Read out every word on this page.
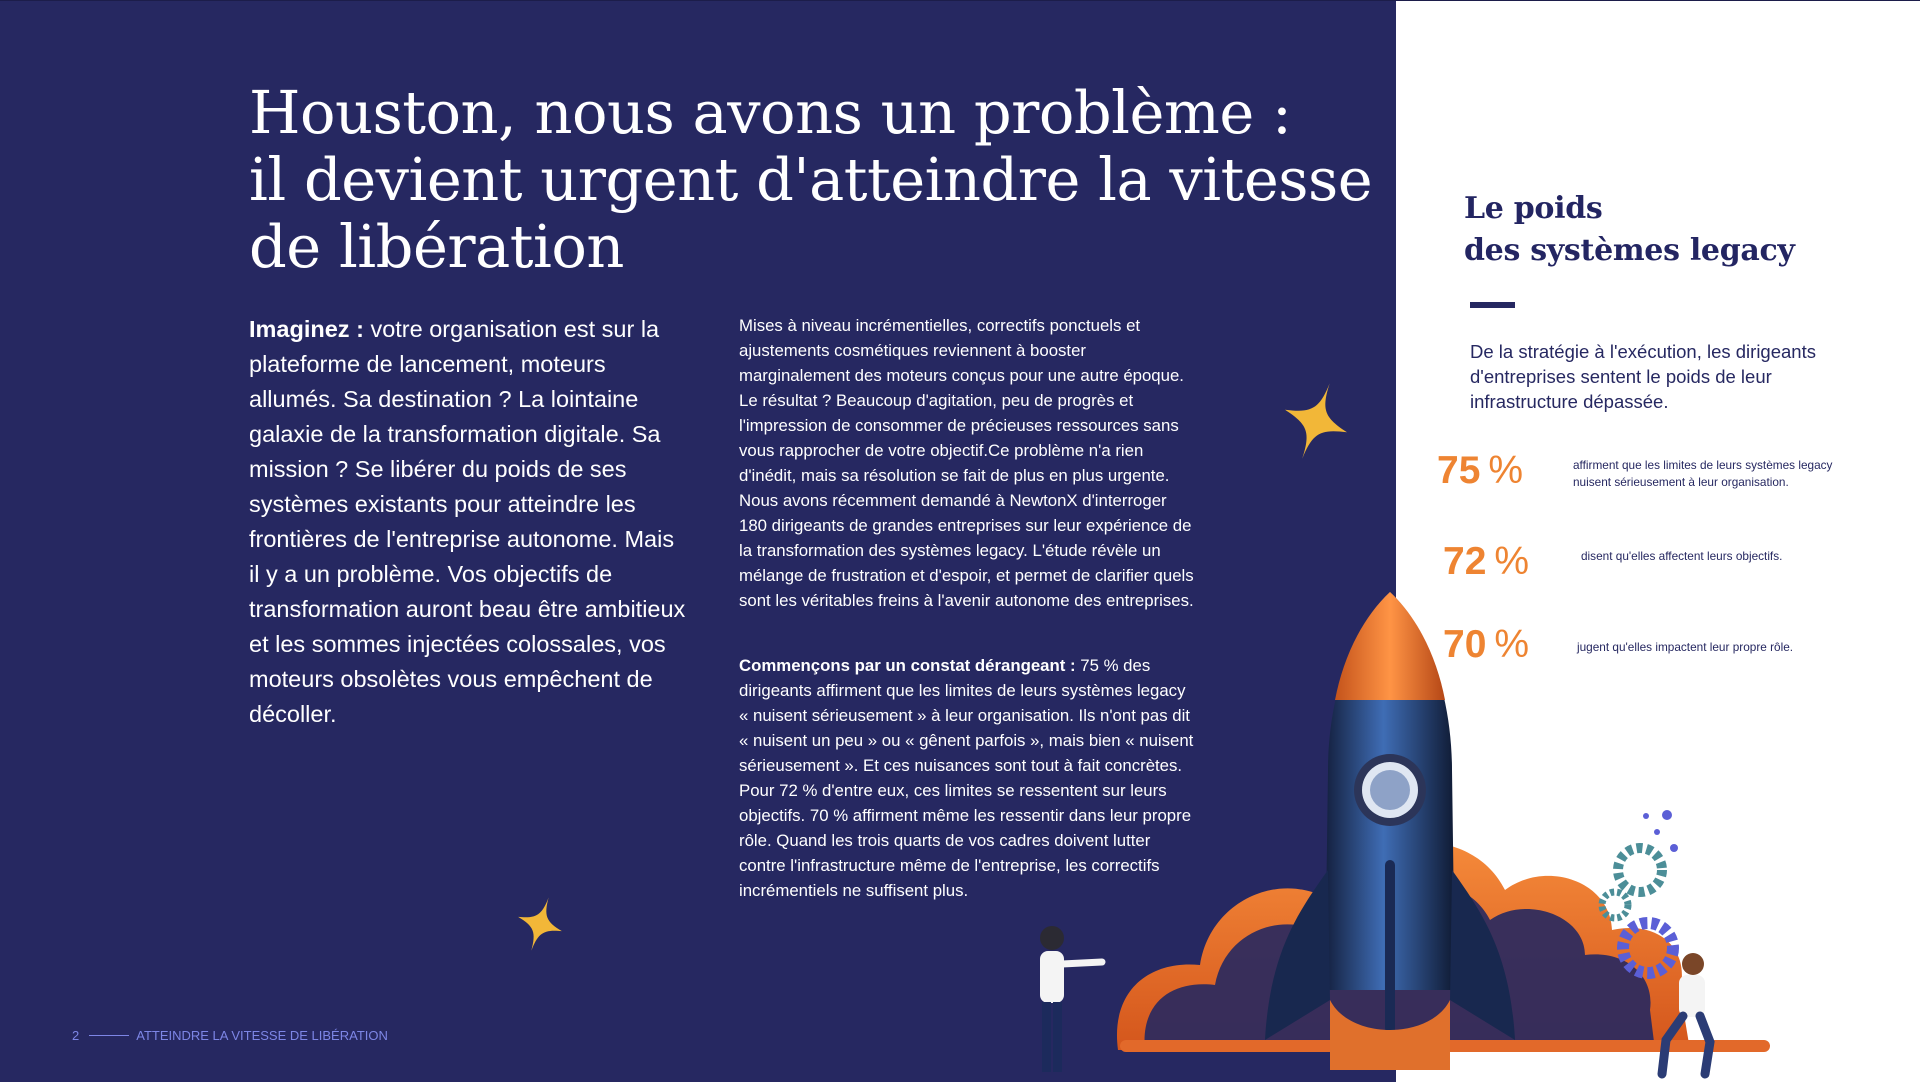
Houston, nous avons un problème :
il devient urgent d'atteindre la vitesse
de libération

Imaginez : votre organisation est sur la plateforme de lancement, moteurs allumés. Sa destination ? La lointaine galaxie de la transformation digitale. Sa mission ? Se libérer du poids de ses systèmes existants pour atteindre les frontières de l'entreprise autonome. Mais il y a un problème. Vos objectifs de transformation auront beau être ambitieux et les sommes injectées colossales, vos moteurs obsolètes vous empêchent de décoller.

Mises à niveau incrémentielles, correctifs ponctuels et ajustements cosmétiques reviennent à booster marginalement des moteurs conçus pour une autre époque. Le résultat ? Beaucoup d'agitation, peu de progrès et l'impression de consommer de précieuses ressources sans vous rapprocher de votre objectif.Ce problème n'a rien d'inédit, mais sa résolution se fait de plus en plus urgente. Nous avons récemment demandé à NewtonX d'interroger 180 dirigeants de grandes entreprises sur leur expérience de la transformation des systèmes legacy. L'étude révèle un mélange de frustration et d'espoir, et permet de clarifier quels sont les véritables freins à l'avenir autonome des entreprises.

Commençons par un constat dérangeant : 75 % des dirigeants affirment que les limites de leurs systèmes legacy « nuisent sérieusement » à leur organisation. Ils n'ont pas dit « nuisent un peu » ou « gênent parfois », mais bien « nuisent sérieusement ». Et ces nuisances sont tout à fait concrètes. Pour 72 % d'entre eux, ces limites se ressentent sur leurs objectifs. 70 % affirment même les ressentir dans leur propre rôle. Quand les trois quarts de vos cadres doivent lutter contre l'infrastructure même de l'entreprise, les correctifs incrémentiels ne suffisent plus.

2	ATTEINDRE LA VITESSE DE LIBÉRATION
Le poids
des systèmes legacy

De la stratégie à l'exécution, les dirigeants d'entreprises sentent le poids de leur infrastructure dépassée.

75 %	affirment que les limites de leurs systèmes legacy nuisent sérieusement à leur organisation.
72 %	disent qu'elles affectent leurs objectifs.
70 %	jugent qu'elles impactent leur propre rôle.
